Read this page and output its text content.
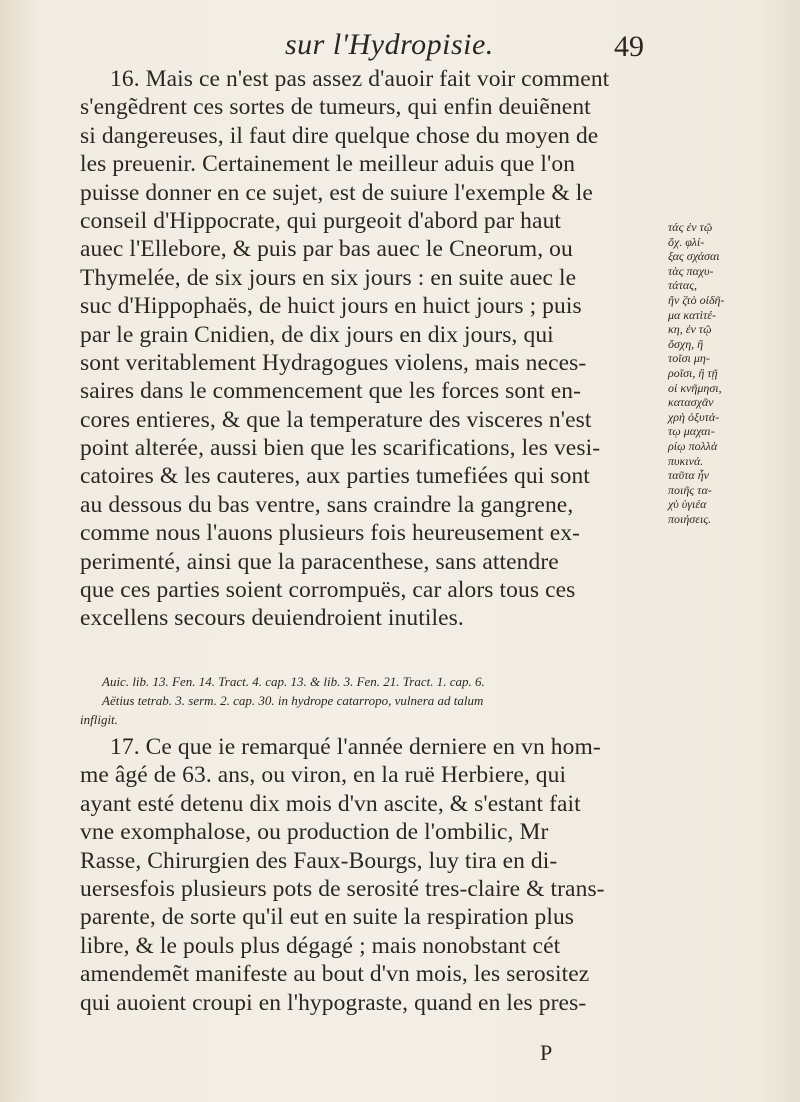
sur l'Hydropisie.	49
16. Mais ce n'est pas assez d'auoir fait voir comment
s'engẽdrent ces sortes de tumeurs, qui enfin deuiẽnent
si dangereuses, il faut dire quelque chose du moyen de
les preuenir. Certainement le meilleur aduis que l'on
puisse donner en ce sujet, est de suiure l'exemple & le
conseil d'Hippocrate, qui purgeoit d'abord par haut
auec l'Ellebore, & puis par bas auec le Cneorum, ou
Thymelée, de six jours en six jours : en suite auec le
suc d'Hippophaës, de huict jours en huict jours ; puis
par le grain Cnidien, de dix jours en dix jours, qui
sont veritablement Hydragogues violens, mais neces-
saires dans le commencement que les forces sont en-
cores entieres, & que la temperature des visceres n'est
point alterée, aussi bien que les scarifications, les vesi-
catoires & les cauteres, aux parties tumefiées qui sont
au dessous du bas ventre, sans craindre la gangrene,
comme nous l'auons plusieurs fois heureusement ex-
perimenté, ainsi que la paracenthese, sans attendre
que ces parties soient corrompuës, car alors tous ces
excellens secours deuiendroient inutiles.
τάς ἐν τῷ
ὄχ. φλί-
ξας σχάσαι
τὰς παχυ-
τάτας,
ἤν ζτὸ οἰδῆ-
μα κατὶτέ-
κη, ἐν τῷ
ὄσχη, ἢ
τοῖσι μη-
ροῖσι, ἢ τῇ
οἱ κνῆμησι,
κατασχᾶν
χρὴ ὀξυτά-
τῳ μαχαι-
ρίῳ πολλὰ
πυκινά.
ταῦτα ἦν
ποιῆς τα-
χὺ ὑγιέα
ποιήσεις.
Auic. lib. 13. Fen. 14. Tract. 4. cap. 13. & lib. 3. Fen. 21. Tract. 1. cap. 6.
Aëtius tetrab. 3. serm. 2. cap. 30. in hydrope catarropo, vulnera ad talum
infligit.
17. Ce que ie remarqué l'année derniere en vn hom-
me âgé de 63. ans, ou viron, en la ruë Herbiere, qui
ayant esté detenu dix mois d'vn ascite, & s'estant fait
vne exomphalose, ou production de l'ombilic, Mr
Rasse, Chirurgien des Faux-Bourgs, luy tira en di-
uersesfois plusieurs pots de serosité tres-claire & trans-
parente, de sorte qu'il eut en suite la respiration plus
libre, & le pouls plus dégagé ; mais nonobstant cét
amendemẽt manifeste au bout d'vn mois, les serositez
qui auoient croupi en l'hypograste, quand en les pres-
P
